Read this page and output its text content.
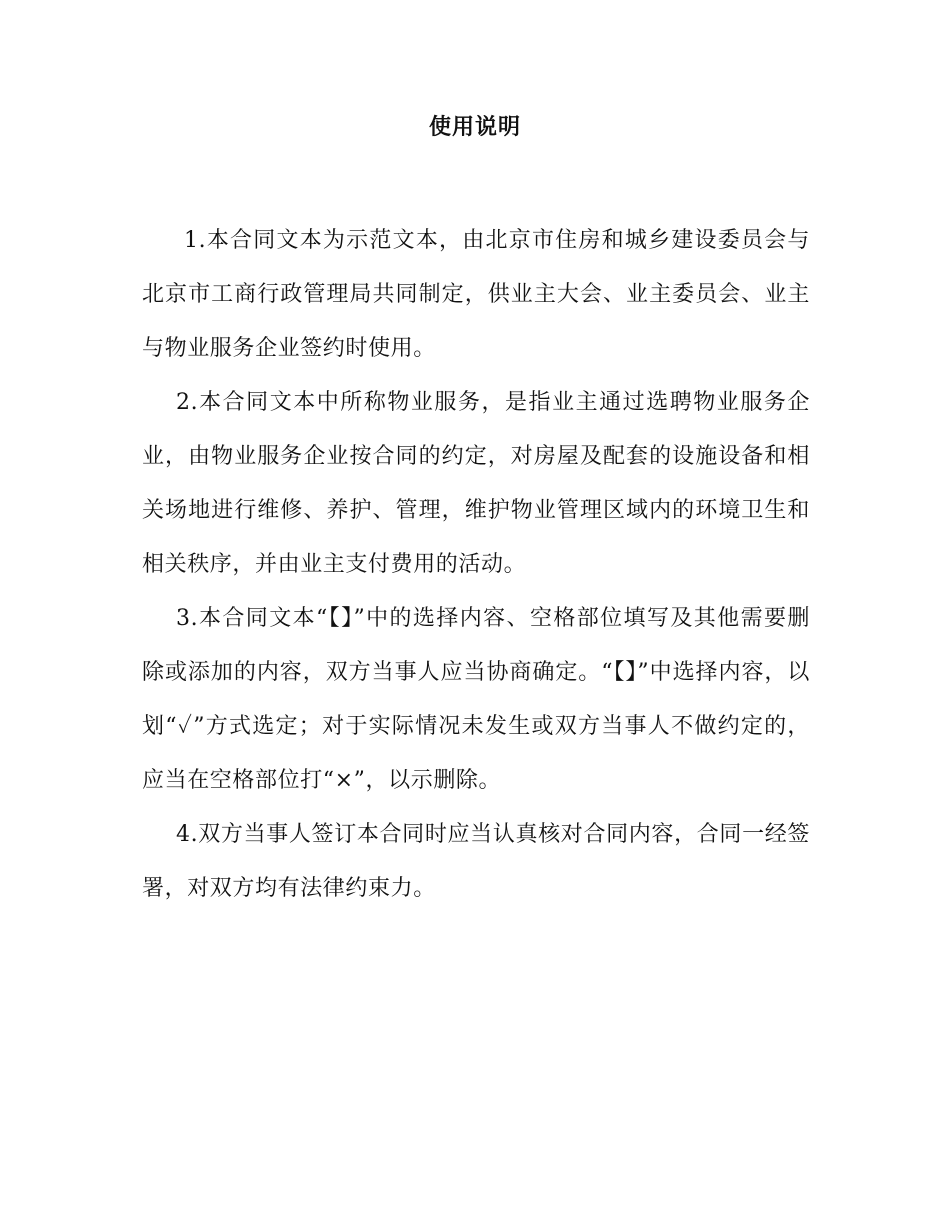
使用说明

1.本合同文本为示范文本，由北京市住房和城乡建设委员会与北京市工商行政管理局共同制定，供业主大会、业主委员会、业主与物业服务企业签约时使用。

2.本合同文本中所称物业服务，是指业主通过选聘物业服务企业，由物业服务企业按合同的约定，对房屋及配套的设施设备和相关场地进行维修、养护、管理，维护物业管理区域内的环境卫生和相关秩序，并由业主支付费用的活动。

3.本合同文本“【】”中的选择内容、空格部位填写及其他需要删除或添加的内容，双方当事人应当协商确定。“【】”中选择内容，以划“✓”方式选定；对于实际情况未发生或双方当事人不做约定的，应当在空格部位打“×”，以示删除。

4.双方当事人签订本合同时应当认真核对合同内容，合同一经签署，对双方均有法律约束力。
